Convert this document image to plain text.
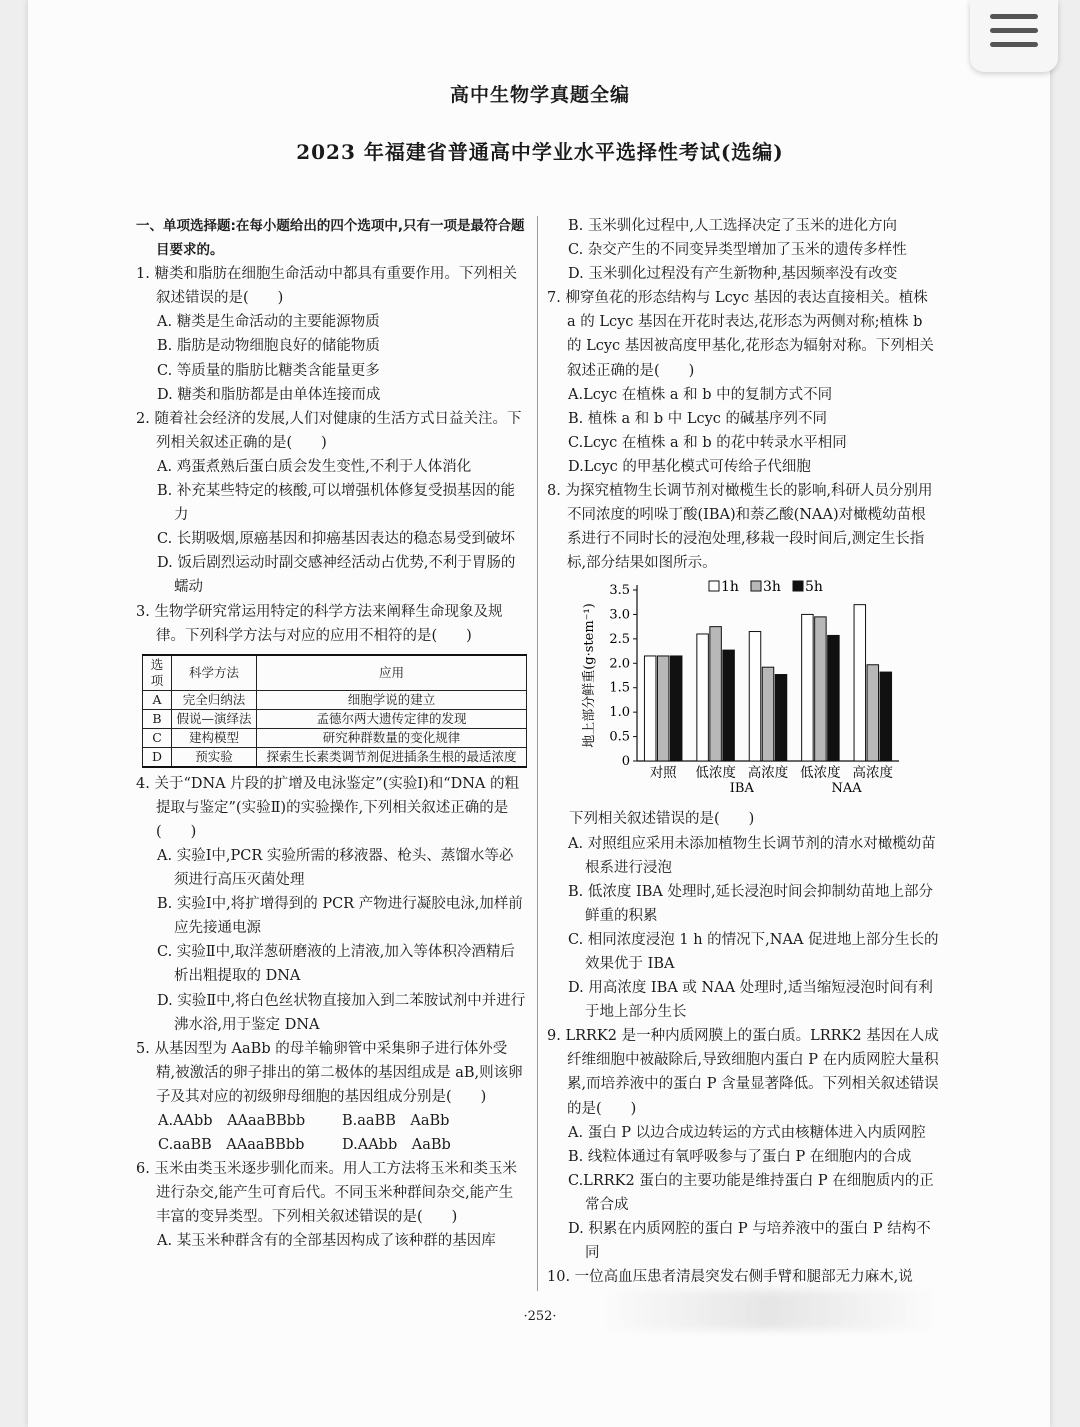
高中生物学真题全编
2023 年福建省普通高中学业水平选择性考试(选编)
一、单项选择题:在每小题给出的四个选项中,只有一项是最符合题目要求的。
1. 糖类和脂肪在细胞生命活动中都具有重要作用。下列相关叙述错误的是(　　)
A. 糖类是生命活动的主要能源物质
B. 脂肪是动物细胞良好的储能物质
C. 等质量的脂肪比糖类含能量更多
D. 糖类和脂肪都是由单体连接而成
2. 随着社会经济的发展,人们对健康的生活方式日益关注。下列相关叙述正确的是(　　)
A. 鸡蛋煮熟后蛋白质会发生变性,不利于人体消化
B. 补充某些特定的核酸,可以增强机体修复受损基因的能力
C. 长期吸烟,原癌基因和抑癌基因表达的稳态易受到破坏
D. 饭后剧烈运动时副交感神经活动占优势,不利于胃肠的蠕动
3. 生物学研究常运用特定的科学方法来阐释生命现象及规律。下列科学方法与对应的应用不相符的是(　　)
选项	科学方法	应用
A	完全归纳法	细胞学说的建立
B	假说—演绎法	孟德尔两大遗传定律的发现
C	建构模型	研究种群数量的变化规律
D	预实验	探索生长素类调节剂促进插条生根的最适浓度
4. 关于“DNA 片段的扩增及电泳鉴定”(实验Ⅰ)和“DNA 的粗提取与鉴定”(实验Ⅱ)的实验操作,下列相关叙述正确的是(　　)
A. 实验Ⅰ中,PCR 实验所需的移液器、枪头、蒸馏水等必须进行高压灭菌处理
B. 实验Ⅰ中,将扩增得到的 PCR 产物进行凝胶电泳,加样前应先接通电源
C. 实验Ⅱ中,取洋葱研磨液的上清液,加入等体积冷酒精后析出粗提取的 DNA
D. 实验Ⅱ中,将白色丝状物直接加入到二苯胺试剂中并进行沸水浴,用于鉴定 DNA
5. 从基因型为 AaBb 的母羊输卵管中采集卵子进行体外受精,被激活的卵子排出的第二极体的基因组成是 aB,则该卵子及其对应的初级卵母细胞的基因组成分别是(　　)
A.AAbb　AAaaBBbb	B.aaBB　AaBb
C.aaBB　AAaaBBbb	D.AAbb　AaBb
6. 玉米由类玉米逐步驯化而来。用人工方法将玉米和类玉米进行杂交,能产生可育后代。不同玉米种群间杂交,能产生丰富的变异类型。下列相关叙述错误的是(　　)
A. 某玉米种群含有的全部基因构成了该种群的基因库
B. 玉米驯化过程中,人工选择决定了玉米的进化方向
C. 杂交产生的不同变异类型增加了玉米的遗传多样性
D. 玉米驯化过程没有产生新物种,基因频率没有改变
7. 柳穿鱼花的形态结构与 Lcyc 基因的表达直接相关。植株 a 的 Lcyc 基因在开花时表达,花形态为两侧对称;植株 b 的 Lcyc 基因被高度甲基化,花形态为辐射对称。下列相关叙述正确的是(　　)
A.Lcyc 在植株 a 和 b 中的复制方式不同
B. 植株 a 和 b 中 Lcyc 的碱基序列不同
C.Lcyc 在植株 a 和 b 的花中转录水平相同
D.Lcyc 的甲基化模式可传给子代细胞
8. 为探究植物生长调节剂对橄榄生长的影响,科研人员分别用不同浓度的吲哚丁酸(IBA)和萘乙酸(NAA)对橄榄幼苗根系进行不同时长的浸泡处理,移栽一段时间后,测定生长指标,部分结果如图所示。
0
0.5
1.0
1.5
2.0
2.5
3.0
3.5
地上部分鲜重(g·stem⁻¹)
对照 低浓度 高浓度 低浓度 高浓度
IBA	NAA
1h 3h 5h
下列相关叙述错误的是(　　)
A. 对照组应采用未添加植物生长调节剂的清水对橄榄幼苗根系进行浸泡
B. 低浓度 IBA 处理时,延长浸泡时间会抑制幼苗地上部分鲜重的积累
C. 相同浓度浸泡 1 h 的情况下,NAA 促进地上部分生长的效果优于 IBA
D. 用高浓度 IBA 或 NAA 处理时,适当缩短浸泡时间有利于地上部分生长
9. LRRK2 是一种内质网膜上的蛋白质。LRRK2 基因在人成纤维细胞中被敲除后,导致细胞内蛋白 P 在内质网腔大量积累,而培养液中的蛋白 P 含量显著降低。下列相关叙述错误的是(　　)
A. 蛋白 P 以边合成边转运的方式由核糖体进入内质网腔
B. 线粒体通过有氧呼吸参与了蛋白 P 在细胞内的合成
C.LRRK2 蛋白的主要功能是维持蛋白 P 在细胞质内的正常合成
D. 积累在内质网腔的蛋白 P 与培养液中的蛋白 P 结构不同
10. 一位高血压患者清晨突发右侧手臂和腿部无力麻木,说
·252·
